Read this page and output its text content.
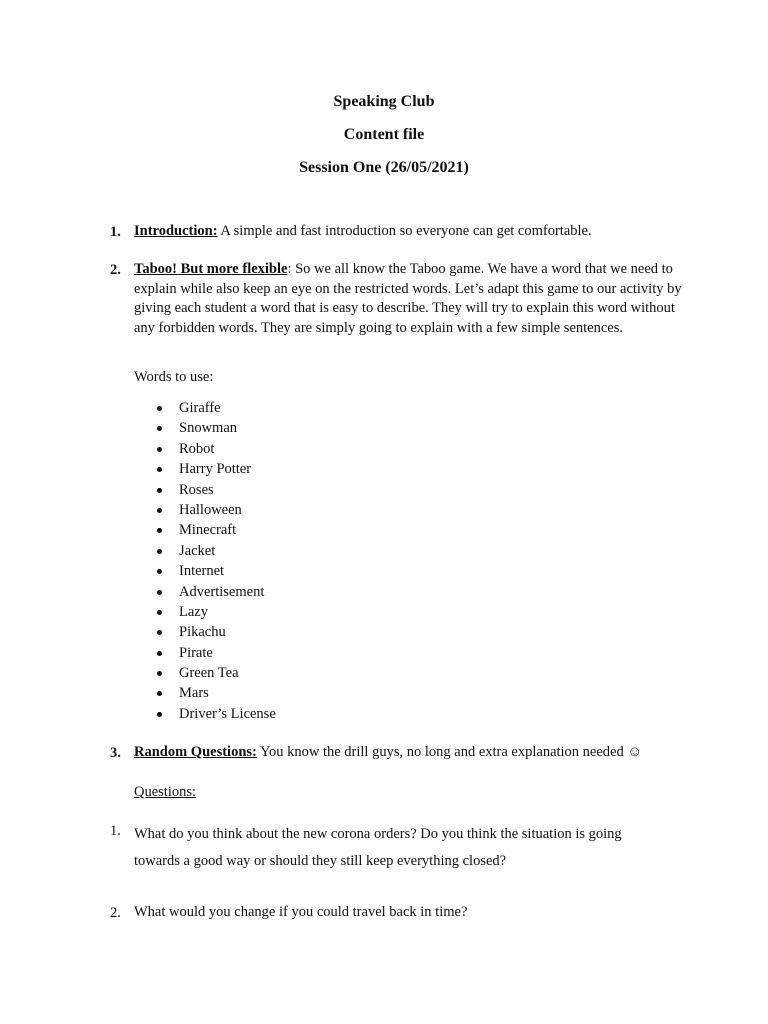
Speaking Club
Content file
Session One (26/05/2021)
1. Introduction: A simple and fast introduction so everyone can get comfortable.
2. Taboo! But more flexible: So we all know the Taboo game. We have a word that we need to explain while also keep an eye on the restricted words. Let’s adapt this game to our activity by giving each student a word that is easy to describe. They will try to explain this word without any forbidden words. They are simply going to explain with a few simple sentences.
Words to use:
Giraffe
Snowman
Robot
Harry Potter
Roses
Halloween
Minecraft
Jacket
Internet
Advertisement
Lazy
Pikachu
Pirate
Green Tea
Mars
Driver’s License
3. Random Questions: You know the drill guys, no long and extra explanation needed ☺
Questions:
1. What do you think about the new corona orders? Do you think the situation is going towards a good way or should they still keep everything closed?
2. What would you change if you could travel back in time?
